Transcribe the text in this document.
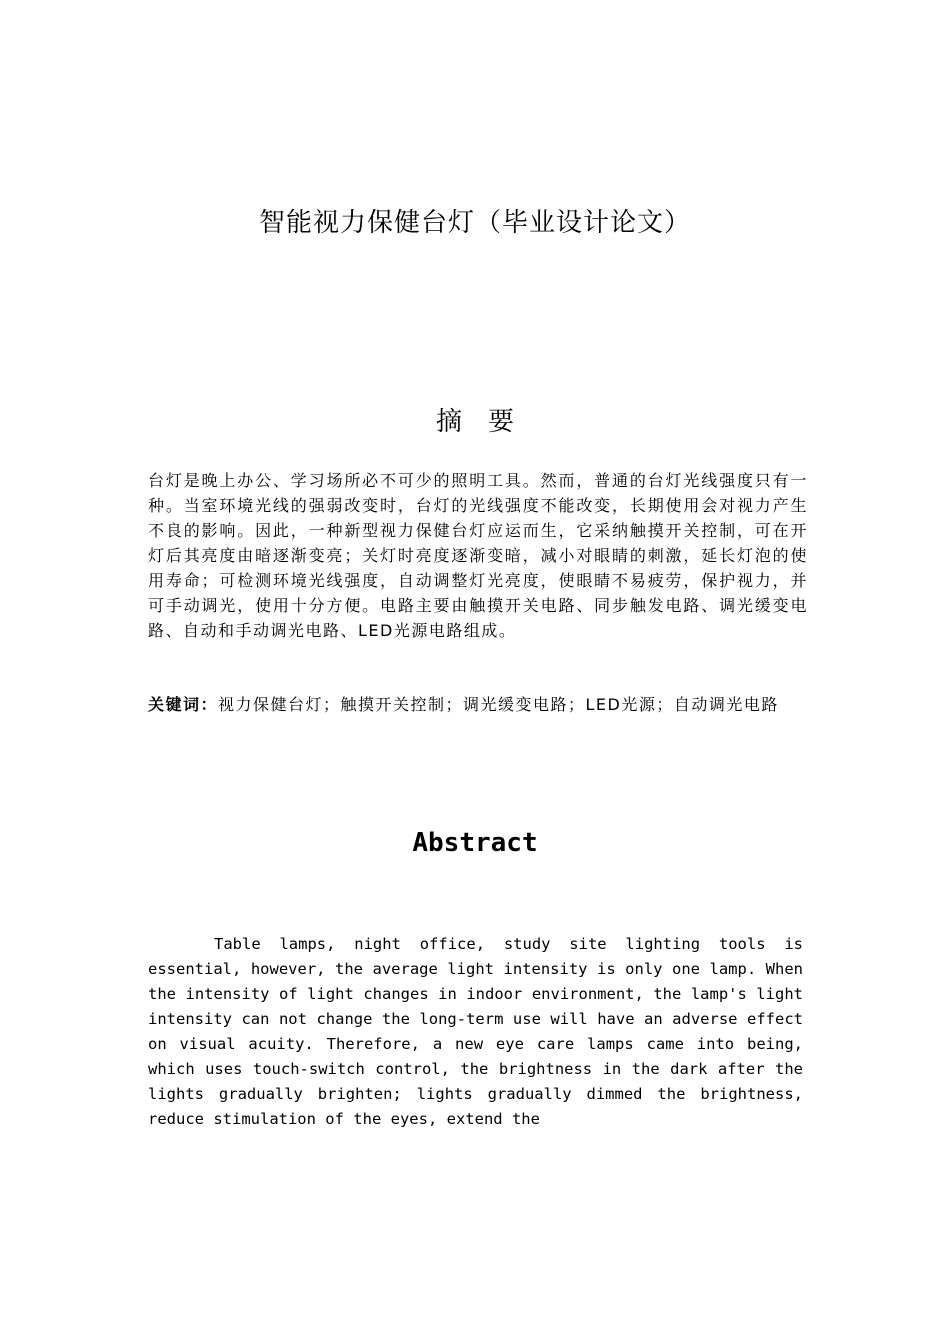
智能视力保健台灯（毕业设计论文）
摘　要

台灯是晚上办公、学习场所必不可少的照明工具。然而，普通的台灯光线强度只有一种。当室环境光线的强弱改变时，台灯的光线强度不能改变，长期使用会对视力产生不良的影响。因此，一种新型视力保健台灯应运而生，它采纳触摸开关控制，可在开灯后其亮度由暗逐渐变亮；关灯时亮度逐渐变暗，减小对眼睛的刺激，延长灯泡的使用寿命；可检测环境光线强度，自动调整灯光亮度，使眼睛不易疲劳，保护视力，并可手动调光，使用十分方便。电路主要由触摸开关电路、同步触发电路、调光缓变电路、自动和手动调光电路、LED光源电路组成。

关键词：视力保健台灯；触摸开关控制；调光缓变电路；LED光源；自动调光电路

Abstract

Table lamps, night office, study site lighting tools is essential, however, the average light intensity is only one lamp. When the intensity of light changes in indoor environment, the lamp's light intensity can not change the long-term use will have an adverse effect on visual acuity. Therefore, a new eye care lamps came into being, which uses touch-switch control, the brightness in the dark after the lights gradually brighten; lights gradually dimmed the brightness, reduce stimulation of the eyes, extend the
